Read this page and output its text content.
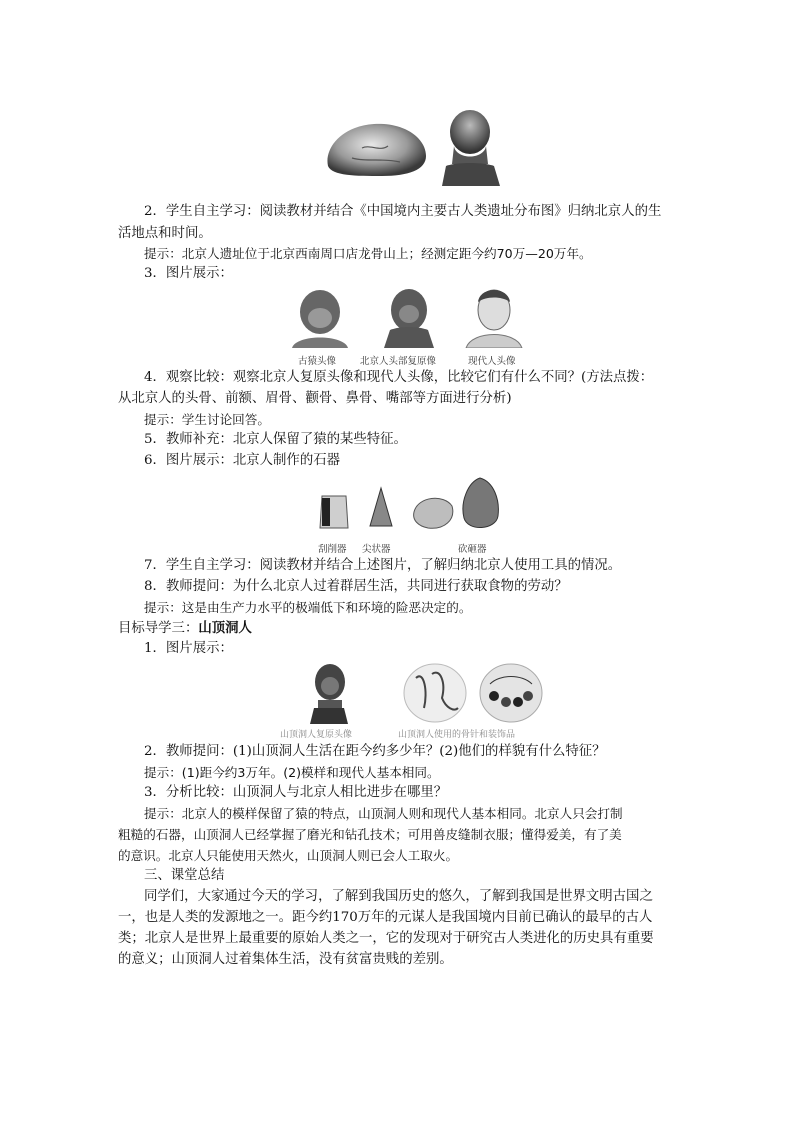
2．学生自主学习：阅读教材并结合《中国境内主要古人类遗址分布图》归纳北京人的生
活地点和时间。
提示：北京人遗址位于北京西南周口店龙骨山上；经测定距今约70万—20万年。
3．图片展示：
古猿头像	北京人头部复原像	现代人头像
4．观察比较：观察北京人复原头像和现代人头像，比较它们有什么不同？(方法点拨：
从北京人的头骨、前额、眉骨、颧骨、鼻骨、嘴部等方面进行分析)
提示：学生讨论回答。
5．教师补充：北京人保留了猿的某些特征。
6．图片展示：北京人制作的石器
刮削器 尖状器	砍砸器
7．学生自主学习：阅读教材并结合上述图片，了解归纳北京人使用工具的情况。
8．教师提问：为什么北京人过着群居生活，共同进行获取食物的劳动？
提示：这是由生产力水平的极端低下和环境的险恶决定的。
目标导学三：山顶洞人
1．图片展示：
山顶洞人复原头像	山顶洞人使用的骨针和装饰品
2．教师提问：(1)山顶洞人生活在距今约多少年？(2)他们的样貌有什么特征？
提示：(1)距今约3万年。(2)模样和现代人基本相同。
3．分析比较：山顶洞人与北京人相比进步在哪里？
提示：北京人的模样保留了猿的特点，山顶洞人则和现代人基本相同。北京人只会打制
粗糙的石器，山顶洞人已经掌握了磨光和钻孔技术；可用兽皮缝制衣服；懂得爱美，有了美
的意识。北京人只能使用天然火，山顶洞人则已会人工取火。
三、课堂总结
同学们，大家通过今天的学习，了解到我国历史的悠久，了解到我国是世界文明古国之
一，也是人类的发源地之一。距今约170万年的元谋人是我国境内目前已确认的最早的古人
类；北京人是世界上最重要的原始人类之一，它的发现对于研究古人类进化的历史具有重要
的意义；山顶洞人过着集体生活，没有贫富贵贱的差别。
